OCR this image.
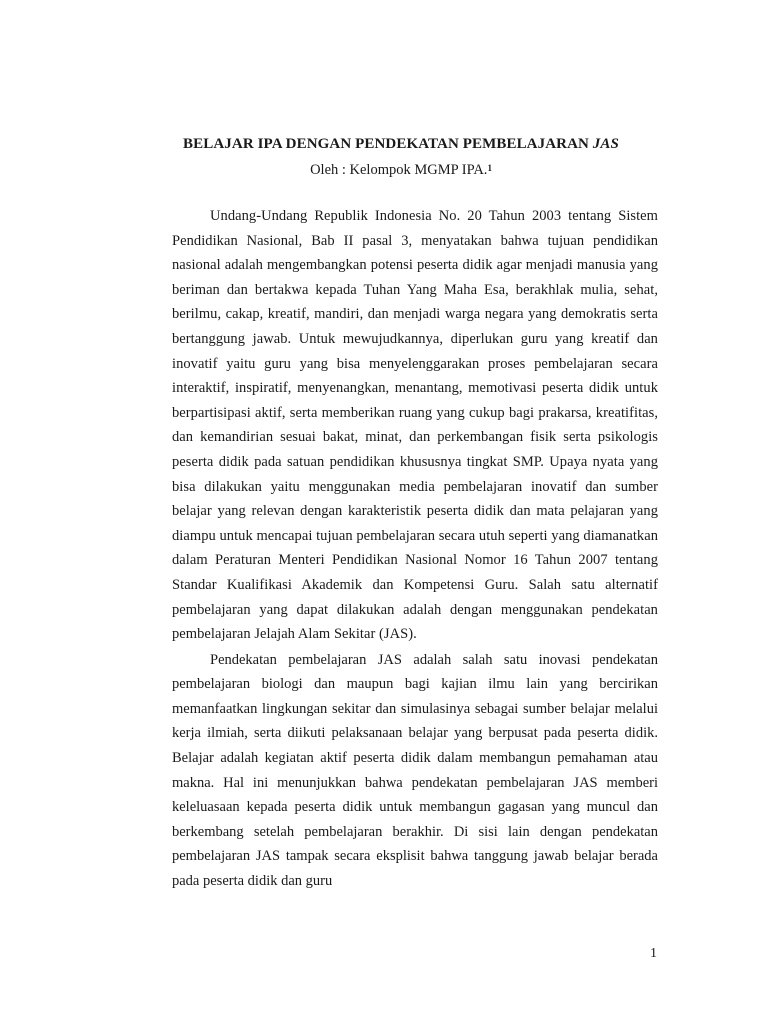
BELAJAR IPA DENGAN PENDEKATAN PEMBELAJARAN JAS
Oleh : Kelompok MGMP IPA.$^1$

Undang-Undang Republik Indonesia No. 20 Tahun 2003 tentang Sistem Pendidikan Nasional, Bab II pasal 3, menyatakan bahwa tujuan pendidikan nasional adalah mengembangkan potensi peserta didik agar menjadi manusia yang beriman dan bertakwa kepada Tuhan Yang Maha Esa, berakhlak mulia, sehat, berilmu, cakap, kreatif, mandiri, dan menjadi warga negara yang demokratis serta bertanggung jawab. Untuk mewujudkannya, diperlukan guru yang kreatif dan inovatif yaitu guru yang bisa menyelenggarakan proses pembelajaran secara interaktif, inspiratif, menyenangkan, menantang, memotivasi peserta didik untuk berpartisipasi aktif, serta memberikan ruang yang cukup bagi prakarsa, kreatifitas, dan kemandirian sesuai bakat, minat, dan perkembangan fisik serta psikologis peserta didik pada satuan pendidikan khususnya tingkat SMP. Upaya nyata yang bisa dilakukan yaitu menggunakan media pembelajaran inovatif dan sumber belajar yang relevan dengan karakteristik peserta didik dan mata pelajaran yang diampu untuk mencapai tujuan pembelajaran secara utuh seperti yang diamanatkan dalam Peraturan Menteri Pendidikan Nasional Nomor 16 Tahun 2007 tentang Standar Kualifikasi Akademik dan Kompetensi Guru. Salah satu alternatif pembelajaran yang dapat dilakukan adalah dengan menggunakan pendekatan pembelajaran Jelajah Alam Sekitar (JAS).

Pendekatan pembelajaran JAS adalah salah satu inovasi pendekatan pembelajaran biologi dan maupun bagi kajian ilmu lain yang bercirikan memanfaatkan lingkungan sekitar dan simulasinya sebagai sumber belajar melalui kerja ilmiah, serta diikuti pelaksanaan belajar yang berpusat pada peserta didik. Belajar adalah kegiatan aktif peserta didik dalam membangun pemahaman atau makna. Hal ini menunjukkan bahwa pendekatan pembelajaran JAS memberi keleluasaan kepada peserta didik untuk membangun gagasan yang muncul dan berkembang setelah pembelajaran berakhir. Di sisi lain dengan pendekatan pembelajaran JAS tampak secara eksplisit bahwa tanggung jawab belajar berada pada peserta didik dan guru

1
